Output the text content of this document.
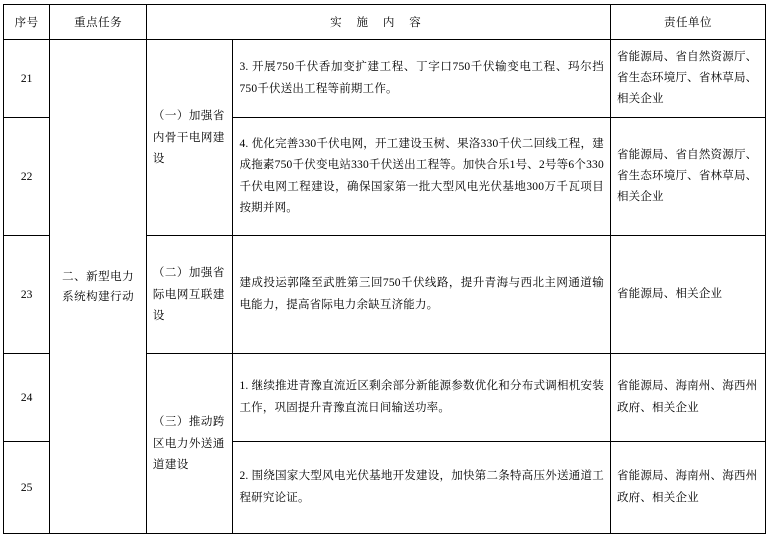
序号	重点任务	实 施 内 容		责任单位
21	二、新型电力系统构建行动	（一）加强省内骨干电网建设	3. 开展750千伏香加变扩建工程、丁字口750千伏输变电工程、玛尔挡750千伏送出工程等前期工作。	省能源局、省自然资源厅、省生态环境厅、省林草局、相关企业
22			4. 优化完善330千伏电网，开工建设玉树、果洛330千伏二回线工程，建成拖素750千伏变电站330千伏送出工程等。加快合乐1号、2号等6个330千伏电网工程建设，确保国家第一批大型风电光伏基地300万千瓦项目按期并网。	省能源局、省自然资源厅、省生态环境厅、省林草局、相关企业
23		（二）加强省际电网互联建设	建成投运郭隆至武胜第三回750千伏线路，提升青海与西北主网通道输电能力，提高省际电力余缺互济能力。	省能源局、相关企业
24		（三）推动跨区电力外送通道建设	1. 继续推进青豫直流近区剩余部分新能源参数优化和分布式调相机安装工作，巩固提升青豫直流日间输送功率。	省能源局、海南州、海西州政府、相关企业
25			2. 围绕国家大型风电光伏基地开发建设，加快第二条特高压外送通道工程研究论证。	省能源局、海南州、海西州政府、相关企业
